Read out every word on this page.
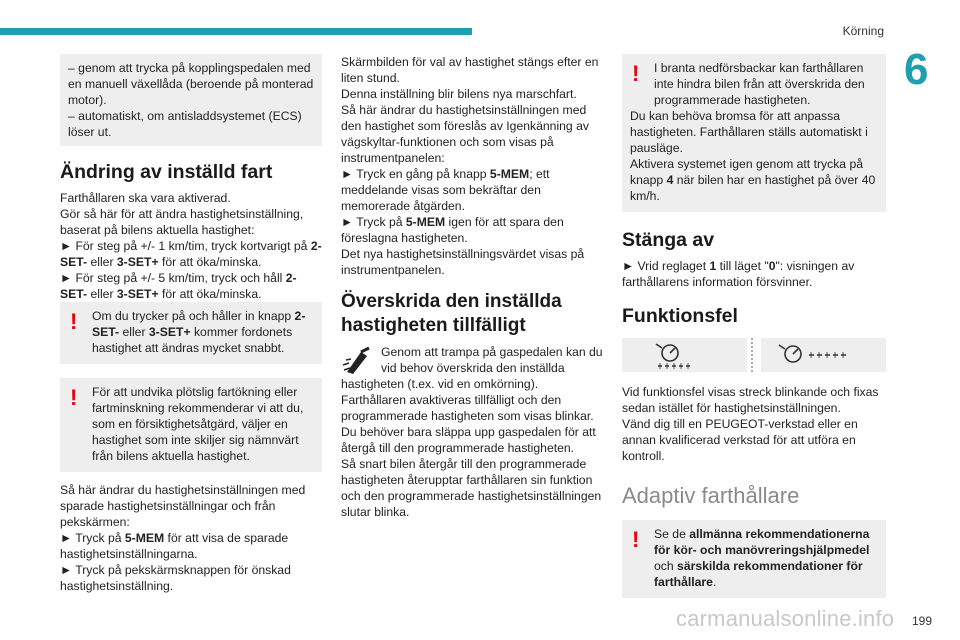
Körning
6

– genom att trycka på kopplingspedalen med en manuell växellåda (beroende på monterad motor).

– automatiskt, om antisladdsystemet (ECS) löser ut.

Ändring av inställd fart

Farthållaren ska vara aktiverad.

Gör så här för att ändra hastighetsinställning, baserat på bilens aktuella hastighet:

► För steg på +/- 1 km/tim, tryck kortvarigt på 2-SET- eller 3-SET+ för att öka/minska.

► För steg på +/- 5 km/tim, tryck och håll 2-SET- eller 3-SET+ för att öka/minska.

!	Om du trycker på och håller in knapp 2-SET- eller 3-SET+ kommer fordonets hastighet att ändras mycket snabbt.

!	För att undvika plötslig fartökning eller fartminskning rekommenderar vi att du, som en försiktighetsåtgärd, väljer en hastighet som inte skiljer sig nämnvärt från bilens aktuella hastighet.

Så här ändrar du hastighetsinställningen med sparade hastighetsinställningar och från pekskärmen:

► Tryck på 5-MEM för att visa de sparade hastighetsinställningarna.

► Tryck på pekskärmsknappen för önskad hastighetsinställning.

Skärmbilden för val av hastighet stängs efter en liten stund.

Denna inställning blir bilens nya marschfart.

Så här ändrar du hastighetsinställningen med den hastighet som föreslås av Igenkänning av vägskyltar-funktionen och som visas på instrumentpanelen:

► Tryck en gång på knapp 5-MEM; ett meddelande visas som bekräftar den memorerade åtgärden.

► Tryck på 5-MEM igen för att spara den föreslagna hastigheten.

Det nya hastighetsinställningsvärdet visas på instrumentpanelen.

Överskrida den inställda hastigheten tillfälligt

Genom att trampa på gaspedalen kan du vid behov överskrida den inställda hastigheten (t.ex. vid en omkörning).

Farthållaren avaktiveras tillfälligt och den programmerade hastigheten som visas blinkar.

Du behöver bara släppa upp gaspedalen för att återgå till den programmerade hastigheten.

Så snart bilen återgår till den programmerade hastigheten återupptar farthållaren sin funktion och den programmerade hastighetsinställningen slutar blinka.

!	I branta nedförsbackar kan farthållaren inte hindra bilen från att överskrida den programmerade hastigheten.

Du kan behöva bromsa för att anpassa hastigheten. Farthållaren ställs automatiskt i pausläge.

Aktivera systemet igen genom att trycka på knapp 4 när bilen har en hastighet på över 40 km/h.

Stänga av

► Vrid reglaget 1 till läget "0": visningen av farthållarens information försvinner.

Funktionsfel

Vid funktionsfel visas streck blinkande och fixas sedan istället för hastighetsinställningen.

Vänd dig till en PEUGEOT-verkstad eller en annan kvalificerad verkstad för att utföra en kontroll.

Adaptiv farthållare
!	Se de allmänna rekommendationerna för kör- och manövreringshjälpmedel och särskilda rekommendationer för farthållare.

carmanualsonline.info 199
